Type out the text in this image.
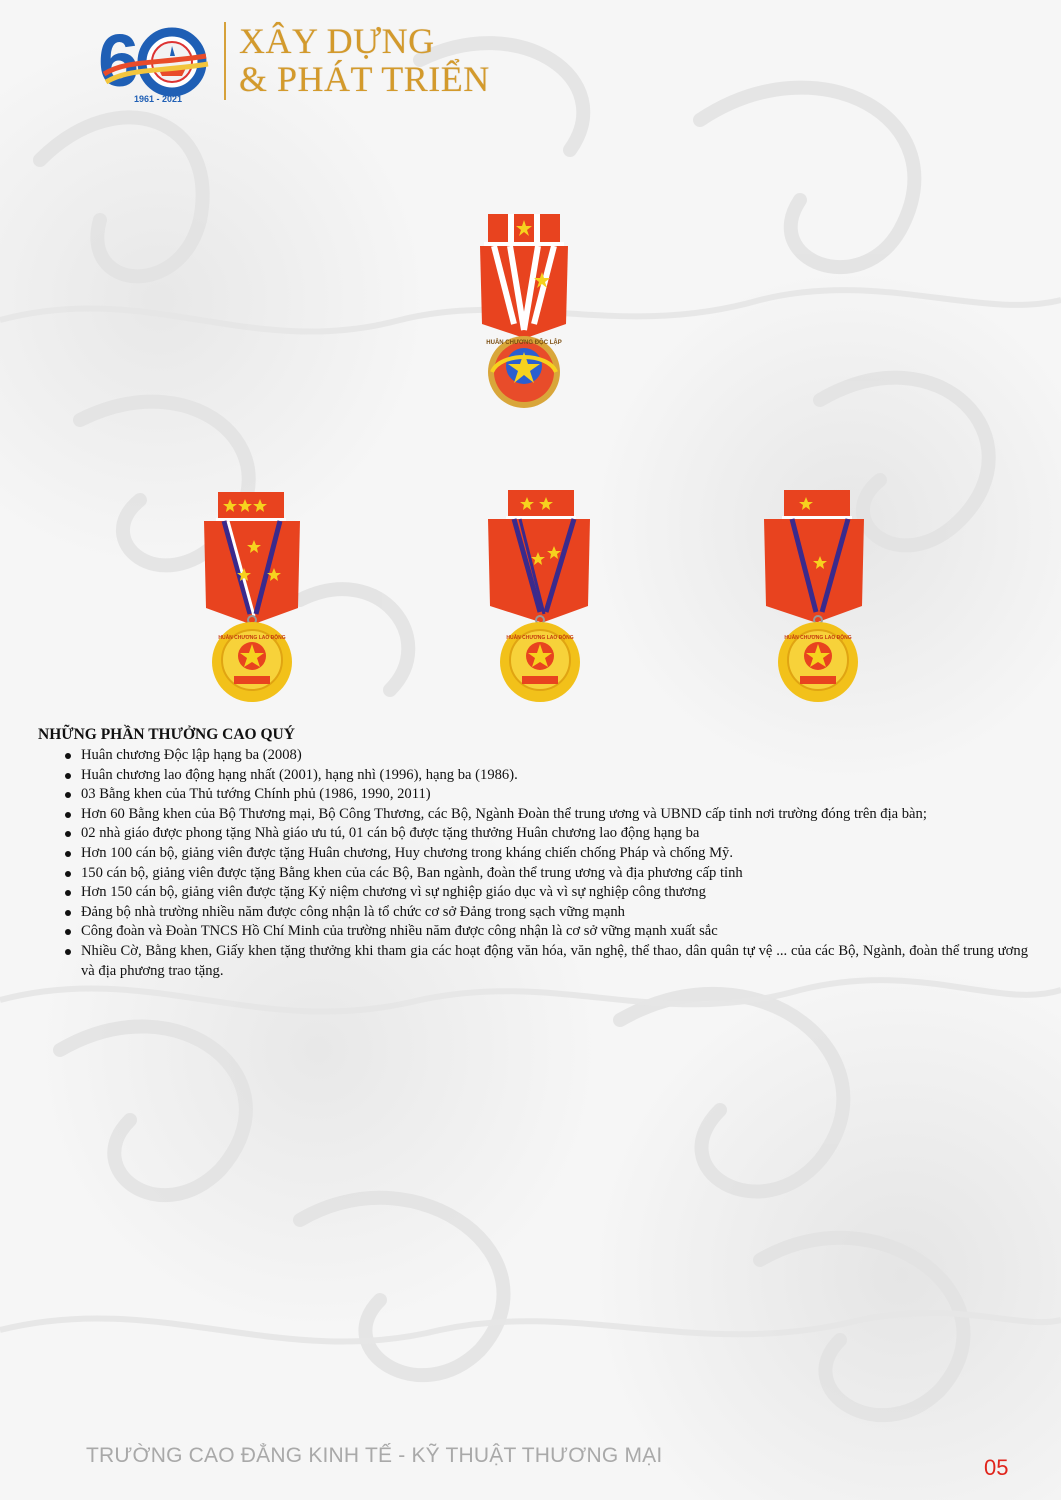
6
1961 - 2021
XÂY DỰNG
& PHÁT TRIỂN
HUÂN CHƯƠNG ĐỘC LẬP
HUÂN CHƯƠNG LAO ĐỘNG	HUÂN CHƯƠNG LAO ĐỘNG	HUÂN CHƯƠNG LAO ĐỘNG
NHỮNG PHẦN THƯỞNG CAO QUÝ
Huân chương Độc lập hạng ba (2008)
Huân chương lao động hạng nhất (2001), hạng nhì (1996), hạng ba (1986).
03 Bằng khen của Thủ tướng Chính phủ (1986, 1990, 2011)
Hơn 60 Bằng khen của Bộ Thương mại, Bộ Công Thương, các Bộ, Ngành Đoàn thể trung ương và UBND cấp tỉnh nơi trường đóng trên địa bàn;
02 nhà giáo được phong tặng Nhà giáo ưu tú, 01 cán bộ được tặng thưởng Huân chương lao động hạng ba
Hơn 100 cán bộ, giảng viên được tặng Huân chương, Huy chương trong kháng chiến chống Pháp và chống Mỹ.
150 cán bộ, giảng viên được tặng Bằng khen của các Bộ, Ban ngành, đoàn thể trung ương và địa phương cấp tỉnh
Hơn 150 cán bộ, giảng viên được tặng Kỷ niệm chương vì sự nghiệp giáo dục và vì sự nghiệp công thương
Đảng bộ nhà trường nhiều năm được công nhận là tổ chức cơ sở Đảng trong sạch vững mạnh
Công đoàn và Đoàn TNCS Hồ Chí Minh của trường nhiều năm được công nhận là cơ sở vững mạnh xuất sắc
Nhiều Cờ, Bằng khen, Giấy khen tặng thưởng khi tham gia các hoạt động văn hóa, văn nghệ, thể thao, dân quân tự vệ ... của các Bộ, Ngành, đoàn thể trung ương và địa phương trao tặng.
TRƯỜNG CAO ĐẲNG KINH TẾ - KỸ THUẬT THƯƠNG MẠI	05
